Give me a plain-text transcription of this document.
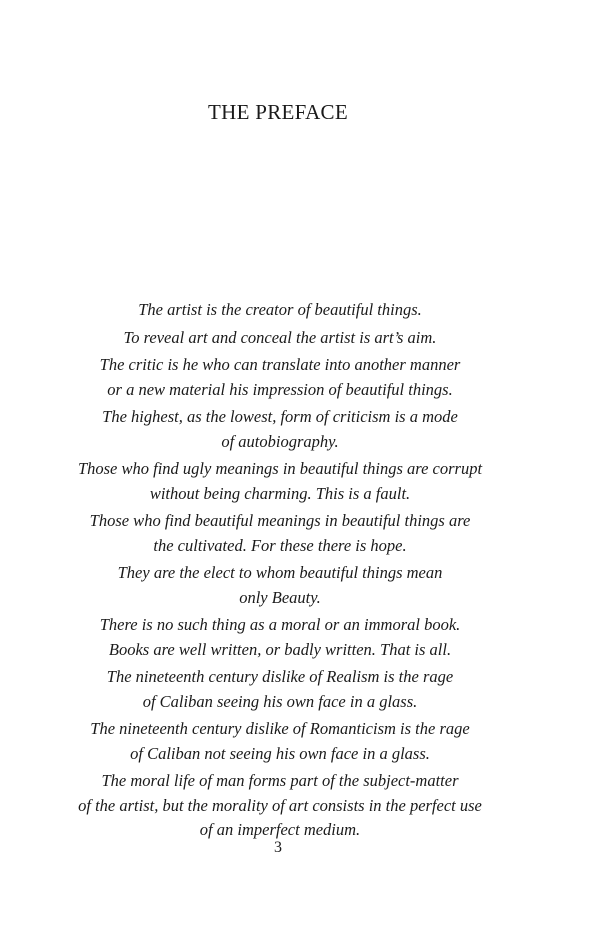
THE PREFACE

The artist is the creator of beautiful things.

To reveal art and conceal the artist is art’s aim.

The critic is he who can translate into another manner
or a new material his impression of beautiful things.

The highest, as the lowest, form of criticism is a mode
of autobiography.

Those who find ugly meanings in beautiful things are corrupt
without being charming. This is a fault.

Those who find beautiful meanings in beautiful things are
the cultivated. For these there is hope.

They are the elect to whom beautiful things mean
only Beauty.

There is no such thing as a moral or an immoral book.
Books are well written, or badly written. That is all.

The nineteenth century dislike of Realism is the rage
of Caliban seeing his own face in a glass.

The nineteenth century dislike of Romanticism is the rage
of Caliban not seeing his own face in a glass.

The moral life of man forms part of the subject-matter
of the artist, but the morality of art consists in the perfect use
of an imperfect medium.

3
